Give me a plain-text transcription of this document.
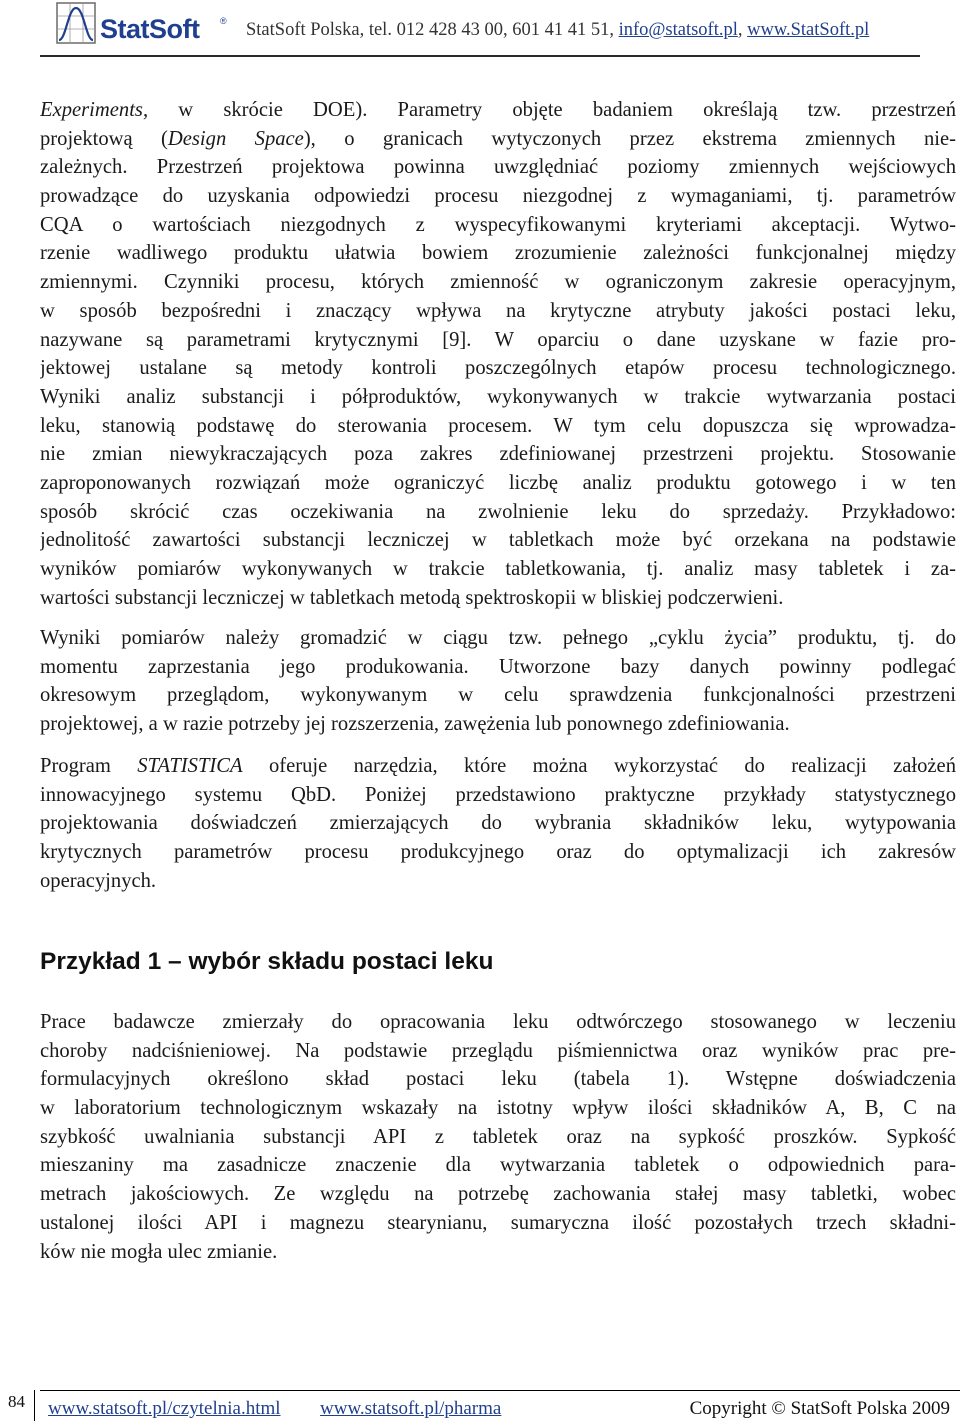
StatSoft ® StatSoft Polska, tel. 012 428 43 00, 601 41 41 51, info@statsoft.pl, www.StatSoft.pl
Experiments, w skrócie DOE). Parametry objęte badaniem określają tzw. przestrzeń
projektową (Design Space), o granicach wytyczonych przez ekstrema zmiennych nie-
zależnych. Przestrzeń projektowa powinna uwzględniać poziomy zmiennych wejściowych
prowadzące do uzyskania odpowiedzi procesu niezgodnej z wymaganiami, tj. parametrów
CQA o wartościach niezgodnych z wyspecyfikowanymi kryteriami akceptacji. Wytwo-
rzenie wadliwego produktu ułatwia bowiem zrozumienie zależności funkcjonalnej między
zmiennymi. Czynniki procesu, których zmienność w ograniczonym zakresie operacyjnym,
w sposób bezpośredni i znaczący wpływa na krytyczne atrybuty jakości postaci leku,
nazywane są parametrami krytycznymi [9]. W oparciu o dane uzyskane w fazie pro-
jektowej ustalane są metody kontroli poszczególnych etapów procesu technologicznego.
Wyniki analiz substancji i półproduktów, wykonywanych w trakcie wytwarzania postaci
leku, stanowią podstawę do sterowania procesem. W tym celu dopuszcza się wprowadza-
nie zmian niewykraczających poza zakres zdefiniowanej przestrzeni projektu. Stosowanie
zaproponowanych rozwiązań może ograniczyć liczbę analiz produktu gotowego i w ten
sposób skrócić czas oczekiwania na zwolnienie leku do sprzedaży. Przykładowo:
jednolitość zawartości substancji leczniczej w tabletkach może być orzekana na podstawie
wyników pomiarów wykonywanych w trakcie tabletkowania, tj. analiz masy tabletek i za-
wartości substancji leczniczej w tabletkach metodą spektroskopii w bliskiej podczerwieni.
Wyniki pomiarów należy gromadzić w ciągu tzw. pełnego „cyklu życia” produktu, tj. do
momentu zaprzestania jego produkowania. Utworzone bazy danych powinny podlegać
okresowym przeglądom, wykonywanym w celu sprawdzenia funkcjonalności przestrzeni
projektowej, a w razie potrzeby jej rozszerzenia, zawężenia lub ponownego zdefiniowania.
Program STATISTICA oferuje narzędzia, które można wykorzystać do realizacji założeń
innowacyjnego systemu QbD. Poniżej przedstawiono praktyczne przykłady statystycznego
projektowania doświadczeń zmierzających do wybrania składników leku, wytypowania
krytycznych parametrów procesu produkcyjnego oraz do optymalizacji ich zakresów
operacyjnych.
Przykład 1 – wybór składu postaci leku
Prace badawcze zmierzały do opracowania leku odtwórczego stosowanego w leczeniu
choroby nadciśnieniowej. Na podstawie przeglądu piśmiennictwa oraz wyników prac pre-
formulacyjnych określono skład postaci leku (tabela 1). Wstępne doświadczenia
w laboratorium technologicznym wskazały na istotny wpływ ilości składników A, B, C na
szybkość uwalniania substancji API z tabletek oraz na sypkość proszków. Sypkość
mieszaniny ma zasadnicze znaczenie dla wytwarzania tabletek o odpowiednich para-
metrach jakościowych. Ze względu na potrzebę zachowania stałej masy tabletki, wobec
ustalonej ilości API i magnezu stearynianu, sumaryczna ilość pozostałych trzech składni-
ków nie mogła ulec zmianie.
84 www.statsoft.pl/czytelnia.html www.statsoft.pl/pharma	Copyright © StatSoft Polska 2009
